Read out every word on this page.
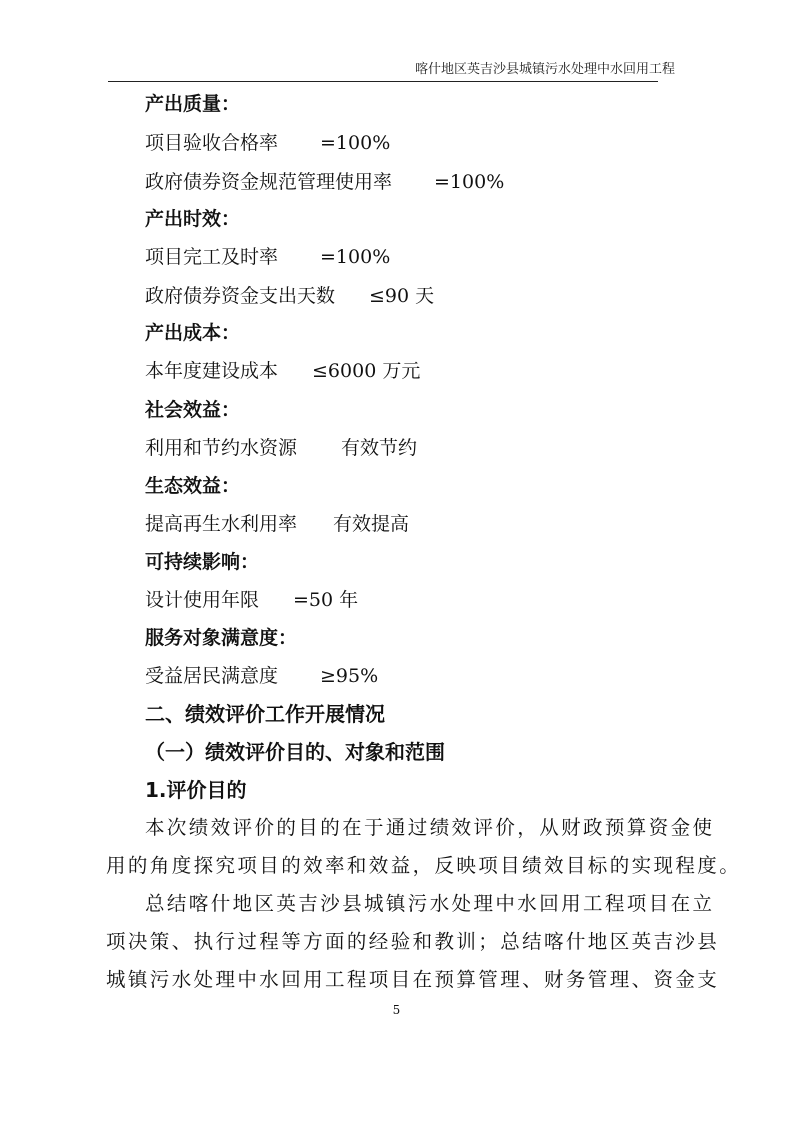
喀什地区英吉沙县城镇污水处理中水回用工程
产出质量：
项目验收合格率 =100%
政府债券资金规范管理使用率 =100%
产出时效：
项目完工及时率 =100%
政府债券资金支出天数 ≤90 天
产出成本：
本年度建设成本 ≤6000 万元
社会效益：
利用和节约水资源 有效节约
生态效益：
提高再生水利用率 有效提高
可持续影响：
设计使用年限 =50 年
服务对象满意度：
受益居民满意度 ≥95%
二、绩效评价工作开展情况
（一）绩效评价目的、对象和范围
1.评价目的
本次绩效评价的目的在于通过绩效评价，从财政预算资金使
用的角度探究项目的效率和效益，反映项目绩效目标的实现程度。
总结喀什地区英吉沙县城镇污水处理中水回用工程项目在立
项决策、执行过程等方面的经验和教训；总结喀什地区英吉沙县
城镇污水处理中水回用工程项目在预算管理、财务管理、资金支
5
